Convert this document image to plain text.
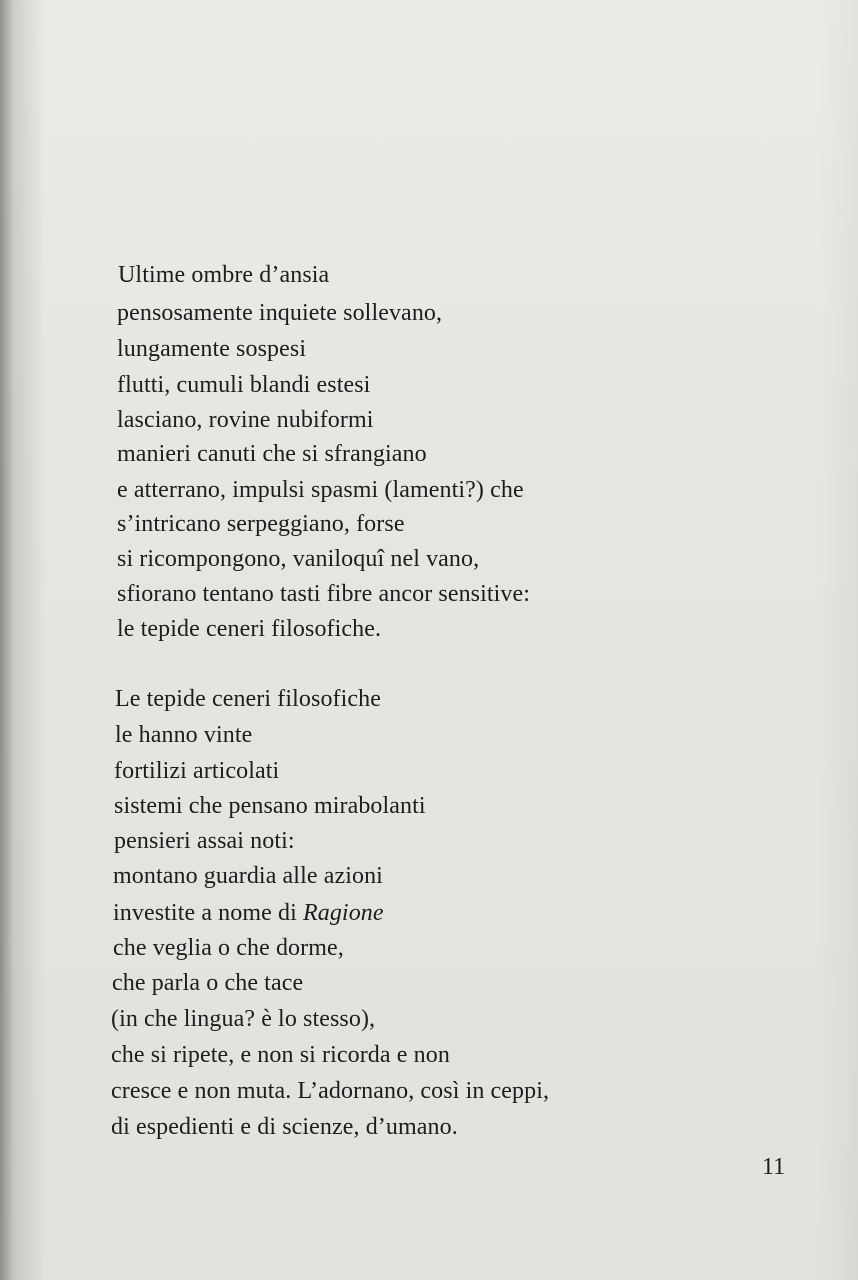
Ultime ombre d’ansia
pensosamente inquiete sollevano,
lungamente sospesi
flutti, cumuli blandi estesi
lasciano, rovine nubiformi
manieri canuti che si sfrangiano
e atterrano, impulsi spasmi (lamenti?) che
s’intricano serpeggiano, forse
si ricompongono, vaniloquî nel vano,
sfiorano tentano tasti fibre ancor sensitive:
le tepide ceneri filosofiche.
Le tepide ceneri filosofiche
le hanno vinte
fortilizi articolati
sistemi che pensano mirabolanti
pensieri assai noti:
montano guardia alle azioni
investite a nome di Ragione
che veglia o che dorme,
che parla o che tace
(in che lingua? è lo stesso),
che si ripete, e non si ricorda e non
cresce e non muta. L’adornano, così in ceppi,
di espedienti e di scienze, d’umano.
11
